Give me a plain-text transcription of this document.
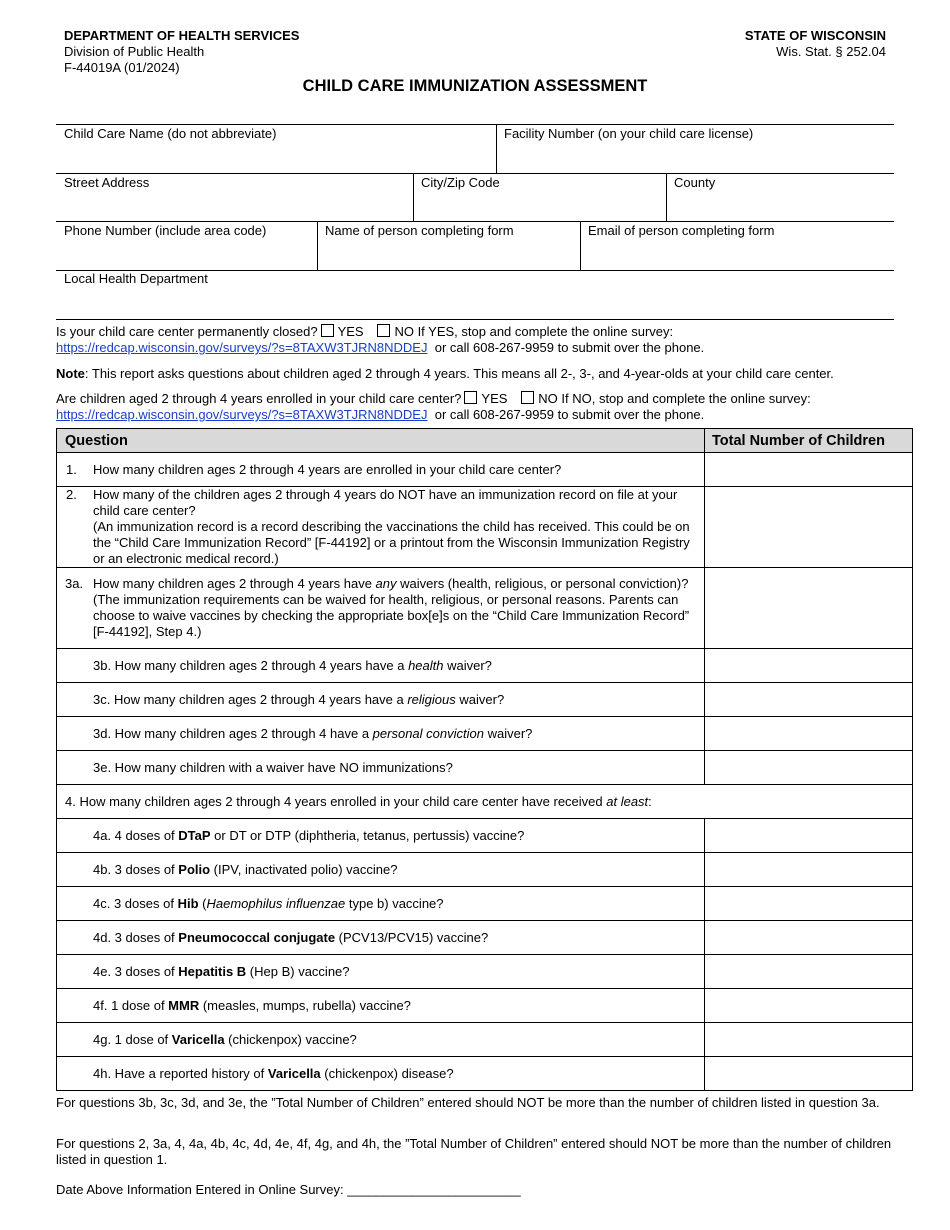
DEPARTMENT OF HEALTH SERVICES
Division of Public Health
F-44019A (01/2024)
STATE OF WISCONSIN
Wis. Stat. § 252.04
CHILD CARE IMMUNIZATION ASSESSMENT
Child Care Name (do not abbreviate)	Facility Number (on your child care license)
Street Address	City/Zip Code	County
Phone Number (include area code)	Name of person completing form	Email of person completing form
Local Health Department
Is your child care center permanently closed? YES NO If YES, stop and complete the online survey:
https://redcap.wisconsin.gov/surveys/?s=8TAXW3TJRN8NDDEJ or call 608-267-9959 to submit over the phone.
Note: This report asks questions about children aged 2 through 4 years. This means all 2-, 3-, and 4-year-olds at your child care center.
Are children aged 2 through 4 years enrolled in your child care center? YES NO If NO, stop and complete the online survey:
https://redcap.wisconsin.gov/surveys/?s=8TAXW3TJRN8NDDEJ or call 608-267-9959 to submit over the phone.
Question	Total Number of Children

1. How many children ages 2 through 4 years are enrolled in your child care center?	

2. How many of the children ages 2 through 4 years do NOT have an immunization record on file at your child care center?
(An immunization record is a record describing the vaccinations the child has received. This could be on the “Child Care Immunization Record” [F-44192] or a printout from the Wisconsin Immunization Registry or an electronic medical record.)	

3a. How many children ages 2 through 4 years have any waivers (health, religious, or personal conviction)?
(The immunization requirements can be waived for health, religious, or personal reasons. Parents can choose to waive vaccines by checking the appropriate box[e]s on the “Child Care Immunization Record” [F-44192], Step 4.)	

3b. How many children ages 2 through 4 years have a health waiver?	
3c. How many children ages 2 through 4 years have a religious waiver?	
3d. How many children ages 2 through 4 have a personal conviction waiver?	
3e. How many children with a waiver have NO immunizations?	
4. How many children ages 2 through 4 years enrolled in your child care center have received at least:	
4a. 4 doses of DTaP or DT or DTP (diphtheria, tetanus, pertussis) vaccine?	
4b. 3 doses of Polio (IPV, inactivated polio) vaccine?	
4c. 3 doses of Hib (Haemophilus influenzae type b) vaccine?	
4d. 3 doses of Pneumococcal conjugate (PCV13/PCV15) vaccine?	
4e. 3 doses of Hepatitis B (Hep B) vaccine?	
4f. 1 dose of MMR (measles, mumps, rubella) vaccine?	
4g. 1 dose of Varicella (chickenpox) vaccine?	
4h. Have a reported history of Varicella (chickenpox) disease?	
For questions 3b, 3c, 3d, and 3e, the ”Total Number of Children” entered should NOT be more than the number of children listed in question 3a.
For questions 2, 3a, 4, 4a, 4b, 4c, 4d, 4e, 4f, 4g, and 4h, the ”Total Number of Children” entered should NOT be more than the number of children listed in question 1.
Date Above Information Entered in Online Survey: ________________________
